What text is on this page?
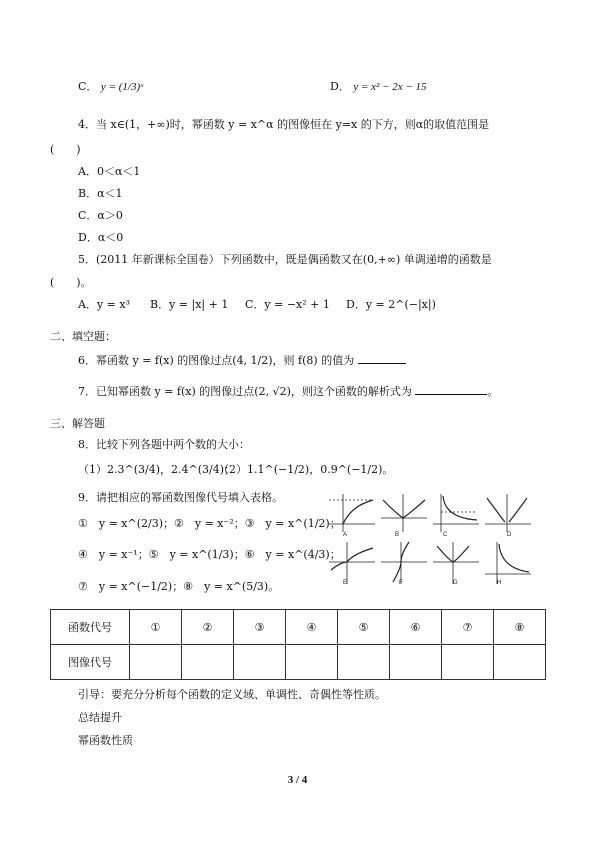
C． y = (1/3)ˣ	D． y = x² − 2x − 15
4．当 x∈(1，+∞)时，幂函数 y = x^α 的图像恒在 y=x 的下方，则α的取值范围是
(　　)
A．0＜α＜1
B．α＜1
C．α＞0
D．α＜0
5．(2011 年新课标全国卷）下列函数中，既是偶函数又在(0,+∞) 单调递增的函数是
(　　)。
A．y = x³ B．y = |x| + 1 C．y = −x² + 1 D．y = 2^(−|x|)
二、填空题：
6．幂函数 y = f(x) 的图像过点(4, 1/2)，则 f(8) 的值为
7．已知幂函数 y = f(x) 的图像过点(2, √2)，则这个函数的解析式为	。
三、解答题
8．比较下列各题中两个数的大小：
（1）2.3^(3/4)，2.4^(3/4)；
（2）1.1^(−1/2)，0.9^(−1/2)。
9．请把相应的幂函数图像代号填入表格。
①　y = x^(2/3)；②　y = x⁻²；③　y = x^(1/2)；
④　y = x⁻¹；⑤　y = x^(1/3)；⑥　y = x^(4/3)；
⑦　y = x^(−1/2)；⑧　y = x^(5/3)。
A	B	C	D
E	F	G	H
函数代号	①	②	③	④	⑤	⑥	⑦	⑧
图像代号								
引导：要充分分析每个函数的定义域、单调性、奇偶性等性质。
总结提升
幂函数性质
3 / 4
